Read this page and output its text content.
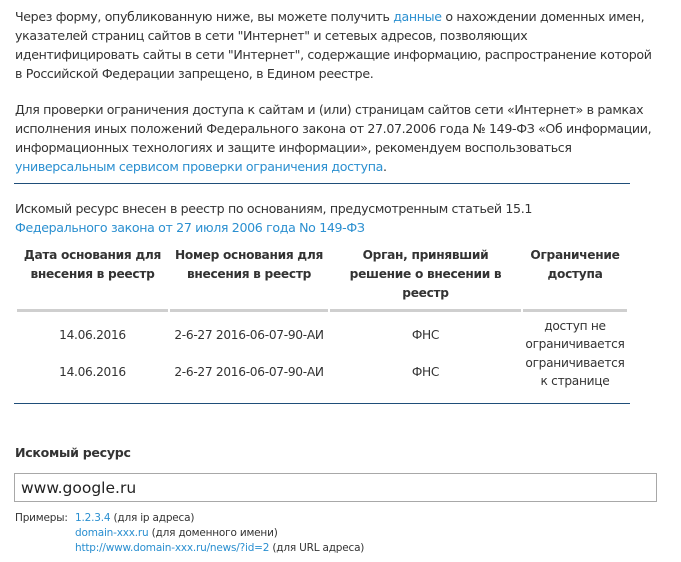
Через форму, опубликованную ниже, вы можете получить данные о нахождении доменных имен, указателей страниц сайтов в сети "Интернет" и сетевых адресов, позволяющих идентифицировать сайты в сети "Интернет", содержащие информацию, распространение которой в Российской Федерации запрещено, в Едином реестре.

Для проверки ограничения доступа к сайтам и (или) страницам сайтов сети «Интернет» в рамках исполнения иных положений Федерального закона от 27.07.2006 года № 149-ФЗ «Об информации, информационных технологиях и защите информации», рекомендуем воспользоваться универсальным сервисом проверки ограничения доступа.

Искомый ресурс внесен в реестр по основаниям, предусмотренным статьей 15.1
Федерального закона от 27 июля 2006 года No 149-ФЗ
Дата основания для внесения в реестр	Номер основания для внесения в реестр	Орган, принявший решение о внесении в реестр	Ограничение доступа
14.06.2016	2-6-27 2016-06-07-90-АИ	ФНС	доступ не ограничивается
14.06.2016	2-6-27 2016-06-07-90-АИ	ФНС	ограничивается к странице
Искомый ресурс
www.google.ru
Примеры: 1.2.3.4 (для ip адреса)
domain-xxx.ru (для доменного имени)
http://www.domain-xxx.ru/news/?id=2 (для URL адреса)
